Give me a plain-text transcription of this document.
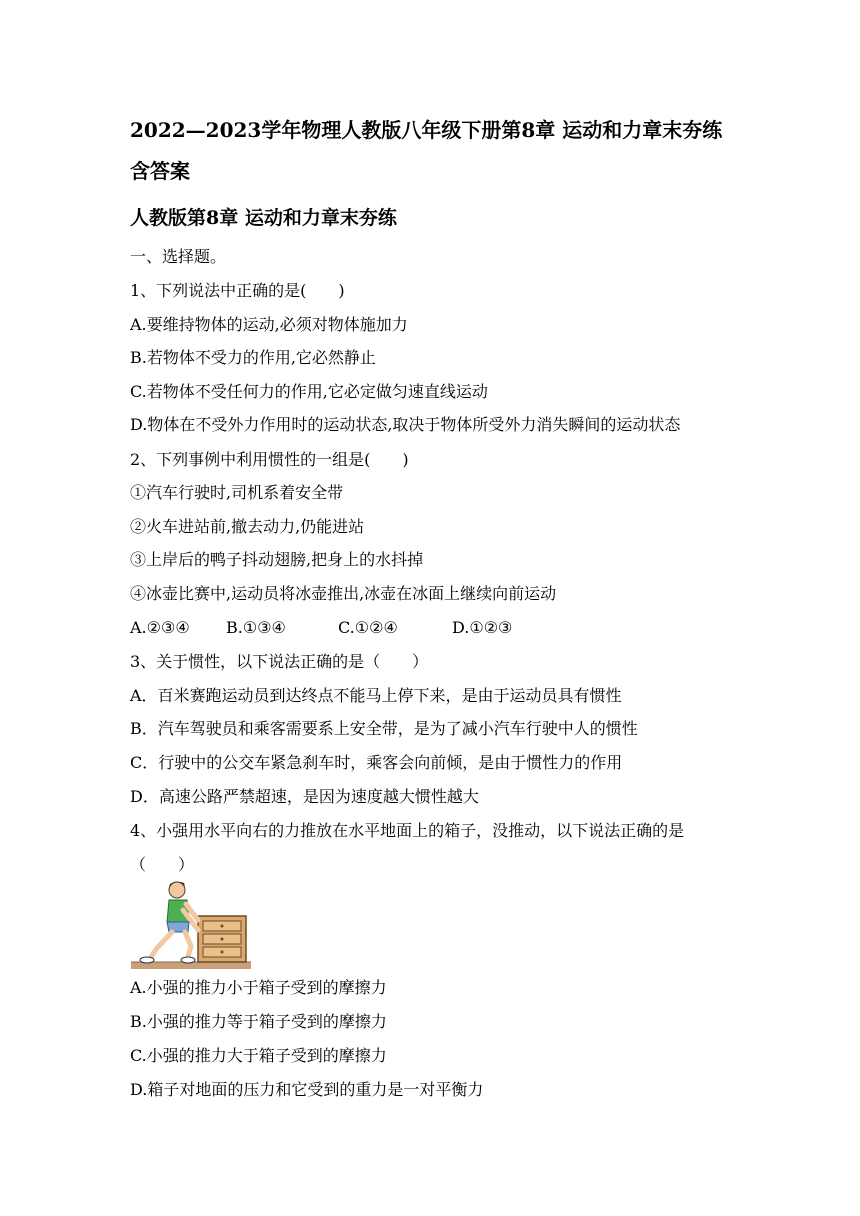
2022—2023学年物理人教版八年级下册第8章 运动和力章末夯练
含答案
人教版第8章 运动和力章末夯练
一、选择题。
1、下列说法中正确的是(　　)
A.要维持物体的运动,必须对物体施加力
B.若物体不受力的作用,它必然静止
C.若物体不受任何力的作用,它必定做匀速直线运动
D.物体在不受外力作用时的运动状态,取决于物体所受外力消失瞬间的运动状态
2、下列事例中利用惯性的一组是(　　)
①汽车行驶时,司机系着安全带
②火车进站前,撤去动力,仍能进站
③上岸后的鸭子抖动翅膀,把身上的水抖掉
④冰壶比赛中,运动员将冰壶推出,冰壶在冰面上继续向前运动
A.②③④ B.①③④	C.①②④	D.①②③
3、关于惯性，以下说法正确的是（　　）
A．百米赛跑运动员到达终点不能马上停下来，是由于运动员具有惯性
B．汽车驾驶员和乘客需要系上安全带，是为了减小汽车行驶中人的惯性
C．行驶中的公交车紧急刹车时，乘客会向前倾，是由于惯性力的作用
D．高速公路严禁超速，是因为速度越大惯性越大
4、小强用水平向右的力推放在水平地面上的箱子，没推动，以下说法正确的是
（　　）
A.小强的推力小于箱子受到的摩擦力
B.小强的推力等于箱子受到的摩擦力
C.小强的推力大于箱子受到的摩擦力
D.箱子对地面的压力和它受到的重力是一对平衡力
